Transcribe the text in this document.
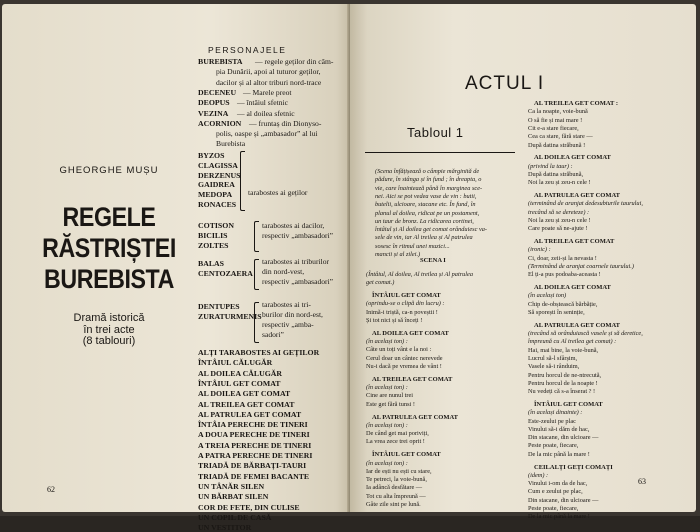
GHEORGHE MUȘU
PERSONAJELE
62
REGELE
RĂSTRIȘTEI
BUREBISTA
Dramă istorică
în trei acte
(8 tablouri)
BUREBISTA — regele geților din câm-
pia Dunării, apoi al tuturor geților,
dacilor și al altor triburi nord-trace
DECENEU — Marele preot
DEOPUS — întâiul sfetnic
VEZINA — al doilea sfetnic
ACORNION — fruntaș din Dionyso-
polis, oaspe și „ambasador” al lui
Burebista
BYZOS
CLAGISSA
DERZENUS
GAIDREA
MEDOPA
RONACES
tarabostes ai geților
COTISON
BICILIS
ZOLTES
tarabostes ai dacilor,
respectiv „ambasadori”
BALAS
CENTOZAERA
tarabostes ai triburilor
din nord-vest,
respectiv „ambasadori”
DENTUPES
ZURATURMENIS
tarabostes ai tri-
burilor din nord-est,
respectiv „amba-
sadori”
ALȚI TARABOSTES AI GEȚILOR
ÎNTÂIUL CĂLUGĂR
AL DOILEA CĂLUGĂR
ÎNTÂIUL GET COMAT
AL DOILEA GET COMAT
AL TREILEA GET COMAT
AL PATRULEA GET COMAT
ÎNTÂIA PERECHE DE TINERI
A DOUA PERECHE DE TINERI
A TREIA PERECHE DE TINERI
A PATRA PERECHE DE TINERI
TRIADĂ DE BĂRBAȚI-TAURI
TRIADĂ DE FEMEI BACANTE
UN TÂNĂR SILEN
UN BĂRBAT SILEN
COR DE FETE, DIN CULISE
UN COPIL DE CASĂ
UN VESTITOR
ACTUL I
Tabloul 1
SCENA I
63
(Scena înfățișează o câmpie mărginită de
pădure, în stânga și în fund ; în dreapta, o
vie, care înaintează până în marginea sce-
nei. Aici se pot vedea vase de vin : butii,
butelii, ulcioare, stacane etc. În fund, în
planul al doilea, ridicat pe un postament,
un taur de bronz. La ridicarea cortinei,
întâiul și Al doilea get comat orânduiesc va-
sele de vin, iar Al treilea și Al patrulea
sosesc în ritmul unei muzici...
mancii și al zilei.)
(Întâiul, Al doilea, Al treilea și Al patrulea
get comat.)
ÎNTÂIUL GET COMAT
(oprindu-se o clipă din lucru) :
Inimă-i triștă, ca-n poveștii !
Și tot nici și să înceți !
AL DOILEA GET COMAT
(în același ton) :
Câte un toți vânt e la noi :
Cerul doar un cântec nerevede
Nu-i dacă pe vremea de vânt !
AL TREILEA GET COMAT
(în același ton) :
Cine are nunul trei
Este get fără tunsi !
AL PATRULEA GET COMAT
(în același ton) :
De când get mai poriviți,
La vrea zece trei oprit !
ÎNTÂIUL GET COMAT
(în același ton) :
Iar de ești nu ești cu stare,
Te petreci, la voie-bună,
Ia adâncă desfătare —
Tot cu alta împreună —
Gâte zile sint pe lună.
AL TREILEA GET COMAT :
Ca la noapte, voie-bună
O să fie și mai mare !
Cit e-a stare fiecare,
Cea ca stare, fără stare —
După datina străbună !
AL DOILEA GET COMAT
(privind la taur) :
După datina străbună,
Noi la zeu și zeu-n cele !
AL PATRULEA GET COMAT
(terminând de aranjat dedesubturile taurului,
trecând să se dereteze) :
Noi la zeu și zeu-n cele !
Care poate să ne-ajute !
AL TREILEA GET COMAT
(ironic) :
Ci, doar, zeii-și la nevasta !
(Terminând de aranjat coarnele taurului.)
El ți-a pus podoaba-aceasta !
AL DOILEA GET COMAT
(în același ton)
Chip de-obștească bărbăție,
Să sporești în seninție,
AL PATRULEA GET COMAT
(trecând să orânduiască vasele și să deretice,
împreună cu Al treilea get comat) :
Hai, mai bine, la voie-bună,
Lucrul să-l sfârșim,
Vasele să-i rânduim,
Pentru horcul de ne-ntrecută,
Pentru horcul de la noapte !
Nu vedeți că s-a înserat ? !
ÎNTÂIUL GET COMAT
(în același dinainte) :
Este-zeului pe plac
Vinului să-i dăm de hac,
Din stacane, din ulcioare —
Peste poate, fiecare,
De la mic până la mare !
CEILALȚI GEȚI COMAȚI
(idem) :
Vinului i-om da de hac,
Cum e zeului pe plac,
Din stacane, din ulcioare —
Peste poate, fiecare,
De la mic până la mare !
